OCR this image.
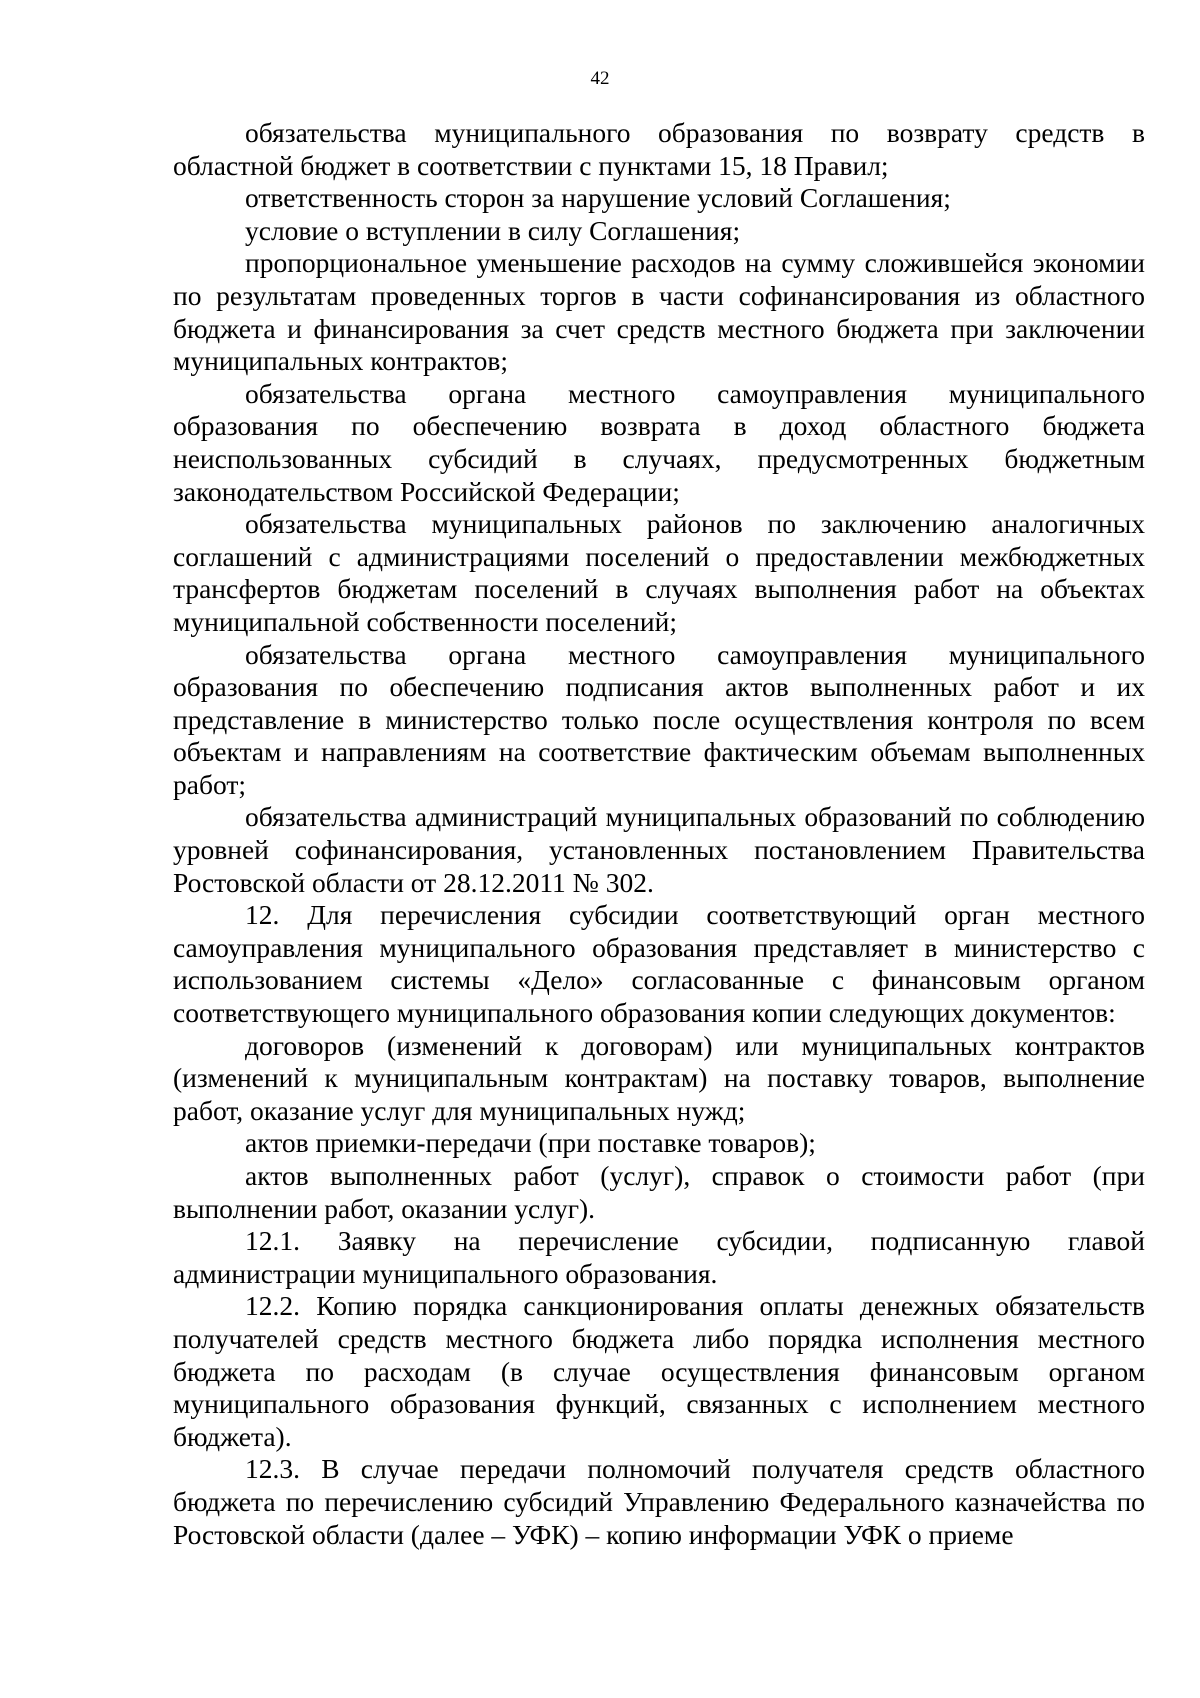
42

обязательства муниципального образования по возврату средств в областной бюджет в соответствии с пунктами 15, 18 Правил;

ответственность сторон за нарушение условий Соглашения;

условие о вступлении в силу Соглашения;

пропорциональное уменьшение расходов на сумму сложившейся экономии по результатам проведенных торгов в части софинансирования из областного бюджета и финансирования за счет средств местного бюджета при заключении муниципальных контрактов;

обязательства органа местного самоуправления муниципального образования по обеспечению возврата в доход областного бюджета неиспользованных субсидий в случаях, предусмотренных бюджетным законодательством Российской Федерации;

обязательства муниципальных районов по заключению аналогичных соглашений с администрациями поселений о предоставлении межбюджетных трансфертов бюджетам поселений в случаях выполнения работ на объектах муниципальной собственности поселений;

обязательства органа местного самоуправления муниципального образования по обеспечению подписания актов выполненных работ и их представление в министерство только после осуществления контроля по всем объектам и направлениям на соответствие фактическим объемам выполненных работ;

обязательства администраций муниципальных образований по соблюдению уровней софинансирования, установленных постановлением Правительства Ростовской области от 28.12.2011 № 302.

12. Для перечисления субсидии соответствующий орган местного самоуправления муниципального образования представляет в министерство с использованием системы «Дело» согласованные с финансовым органом соответствующего муниципального образования копии следующих документов:

договоров (изменений к договорам) или муниципальных контрактов (изменений к муниципальным контрактам) на поставку товаров, выполнение работ, оказание услуг для муниципальных нужд;

актов приемки-передачи (при поставке товаров);

актов выполненных работ (услуг), справок о стоимости работ (при выполнении работ, оказании услуг).

12.1. Заявку на перечисление субсидии, подписанную главой администрации муниципального образования.

12.2. Копию порядка санкционирования оплаты денежных обязательств получателей средств местного бюджета либо порядка исполнения местного бюджета по расходам (в случае осуществления финансовым органом муниципального образования функций, связанных с исполнением местного бюджета).

12.3. В случае передачи полномочий получателя средств областного бюджета по перечислению субсидий Управлению Федерального казначейства по Ростовской области (далее – УФК) – копию информации УФК о приеме
